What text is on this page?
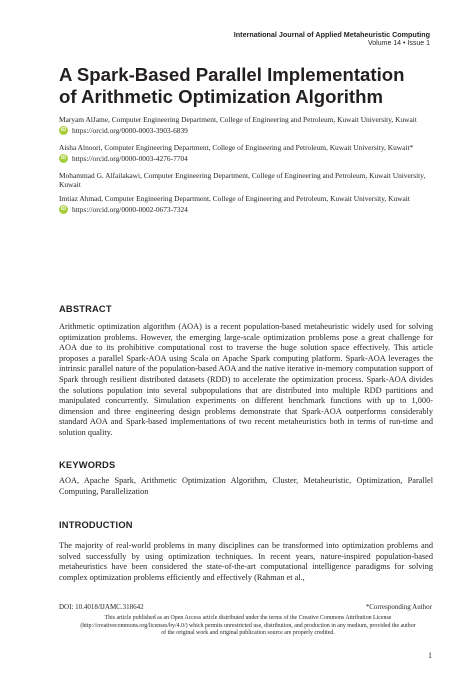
International Journal of Applied Metaheuristic Computing
Volume 14 • Issue 1
A Spark-Based Parallel Implementation
of Arithmetic Optimization Algorithm
Maryam AlJame, Computer Engineering Department, College of Engineering and Petroleum, Kuwait University, Kuwait
iD https://orcid.org/0000-0003-3903-6839
Aisha Alnoori, Computer Engineering Department, College of Engineering and Petroleum, Kuwait University, Kuwait*
iD https://orcid.org/0000-0003-4276-7704
Mohammad G. Alfailakawi, Computer Engineering Department, College of Engineering and Petroleum, Kuwait University, Kuwait
Imtiaz Ahmad, Computer Engineering Department, College of Engineering and Petroleum, Kuwait University, Kuwait
iD https://orcid.org/0000-0002-0673-7324
ABSTRACT

Arithmetic optimization algorithm (AOA) is a recent population-based metaheuristic widely used for solving optimization problems. However, the emerging large-scale optimization problems pose a great challenge for AOA due to its prohibitive computational cost to traverse the huge solution space effectively. This article proposes a parallel Spark-AOA using Scala on Apache Spark computing platform. Spark-AOA leverages the intrinsic parallel nature of the population-based AOA and the native iterative in-memory computation support of Spark through resilient distributed datasets (RDD) to accelerate the optimization process. Spark-AOA divides the solutions population into several subpopulations that are distributed into multiple RDD partitions and manipulated concurrently. Simulation experiments on different benchmark functions with up to 1,000-dimension and three engineering design problems demonstrate that Spark-AOA outperforms considerably standard AOA and Spark-based implementations of two recent metaheuristics both in terms of run-time and solution quality.

KEYWORDS

AOA, Apache Spark, Arithmetic Optimization Algorithm, Cluster, Metaheuristic, Optimization, Parallel Computing, Parallelization

INTRODUCTION

The majority of real-world problems in many disciplines can be transformed into optimization problems and solved successfully by using optimization techniques. In recent years, nature-inspired population-based metaheuristics have been considered the state-of-the-art computational intelligence paradigms for solving complex optimization problems efficiently and effectively (Rahman et al.,

DOI: 10.4018/IJAMC.318642	*Corresponding Author
This article published as an Open Access article distributed under the terms of the Creative Commons Attribution License (http://creativecommons.org/licenses/by/4.0/) which permits unrestricted use, distribution, and production in any medium, provided the author of the original work and original publication source are properly credited.
1
